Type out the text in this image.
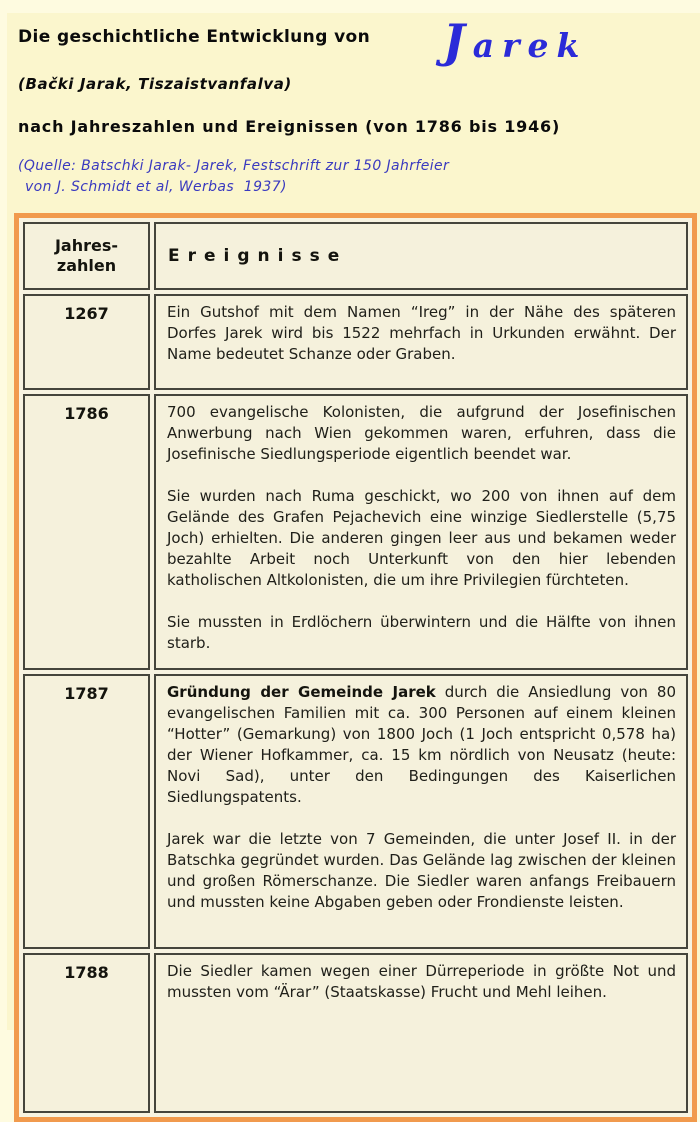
Die geschichtliche Entwicklung von Jarek
(Bački Jarak, Tiszaistvanfalva)
nach Jahreszahlen und Ereignissen (von 1786 bis 1946)
(Quelle: Batschki Jarak- Jarek, Festschrift zur 150 Jahrfeier
von J. Schmidt et al, Werbas  1937)
Jahres-
zahlen	Ereignisse
1267	Ein Gutshof mit dem Namen “Ireg” in der Nähe des späteren Dorfes Jarek wird bis 1522 mehrfach in Urkunden erwähnt. Der Name bedeutet Schanze oder Graben.

1786	700 evangelische Kolonisten, die aufgrund der Josefinischen Anwerbung nach Wien gekommen waren, erfuhren, dass die Josefinische Siedlungsperiode eigentlich beendet war.

Sie wurden nach Ruma geschickt, wo 200 von ihnen auf dem Gelände des Grafen Pejachevich eine winzige Siedlerstelle (5,75 Joch) erhielten. Die anderen gingen leer aus und bekamen weder bezahlte Arbeit noch Unterkunft von den hier lebenden katholischen Altkolonisten, die um ihre Privilegien fürchteten.

Sie mussten in Erdlöchern überwintern und die Hälfte von ihnen starb.

1787	Gründung der Gemeinde Jarek durch die Ansiedlung von 80 evangelischen Familien mit ca. 300 Personen auf einem kleinen “Hotter” (Gemarkung) von 1800 Joch (1 Joch entspricht 0,578 ha) der Wiener Hofkammer, ca. 15 km nördlich von Neusatz (heute: Novi Sad), unter den Bedingungen des Kaiserlichen Siedlungspatents.

Jarek war die letzte von 7 Gemeinden, die unter Josef II. in der Batschka gegründet wurden. Das Gelände lag zwischen der kleinen und großen Römerschanze. Die Siedler waren anfangs Freibauern und mussten keine Abgaben geben oder Frondienste leisten.

1788	Die Siedler kamen wegen einer Dürreperiode in größte Not und mussten vom “Ärar” (Staatskasse) Frucht und Mehl leihen.
